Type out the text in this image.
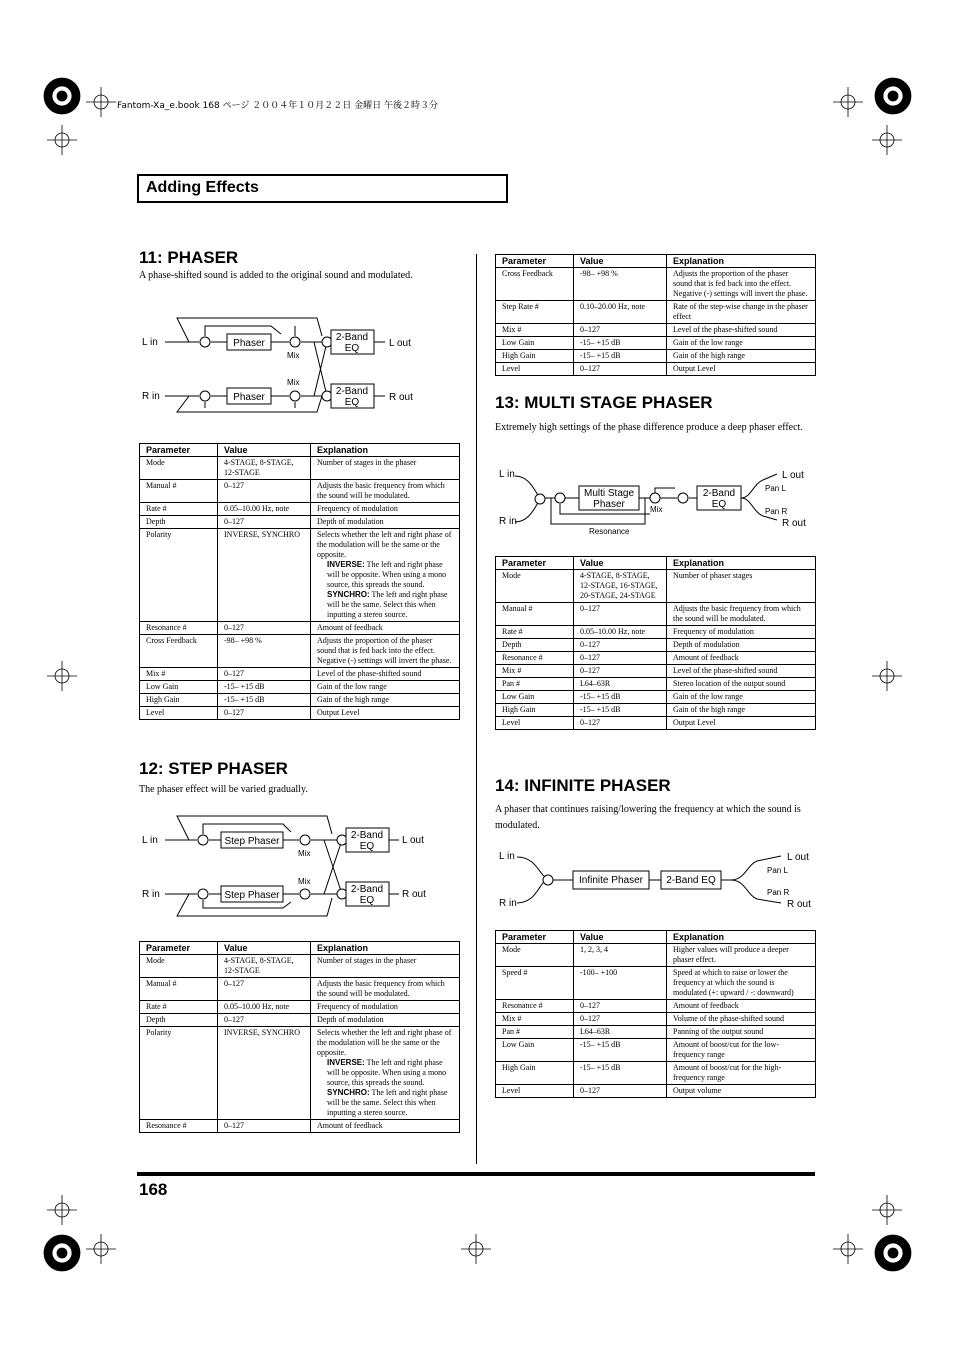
Fantom-Xa_e.book 168 ページ ２００４年１０月２２日 金曜日 午後２時３分
Adding Effects
11: PHASER
A phase-shifted sound is added to the original sound and modulated.
L in
R in
Phaser
Phaser
2-Band
EQ
2-Band
EQ
Mix
Mix
L out
R out
Parameter	Value	Explanation
Mode	4-STAGE, 8-STAGE, 12-STAGE	Number of stages in the phaser
Manual #	0–127	Adjusts the basic frequency from which the sound will be modulated.
Rate #	0.05–10.00 Hz, note	Frequency of modulation
Depth	0–127	Depth of modulation
Polarity	INVERSE, SYNCHRO	Selects whether the left and right phase of the modulation will be the same or the opposite.
INVERSE: The left and right phase will be opposite. When using a mono source, this spreads the sound.
SYNCHRO: The left and right phase will be the same. Select this when inputting a stereo source.

Resonance #	0–127	Amount of feedback
Cross Feedback	-98– +98 %	Adjusts the proportion of the phaser sound that is fed back into the effect. Negative (-) settings will invert the phase.
Mix #	0–127	Level of the phase-shifted sound
Low Gain	-15– +15 dB	Gain of the low range
High Gain	-15– +15 dB	Gain of the high range
Level	0–127	Output Level
12: STEP PHASER
The phaser effect will be varied gradually.
L in
R in
Step Phaser
Step Phaser
2-Band
EQ
2-Band
EQ
Mix
Mix
L out
R out
Parameter	Value	Explanation
Mode	4-STAGE, 8-STAGE, 12-STAGE	Number of stages in the phaser
Manual #	0–127	Adjusts the basic frequency from which the sound will be modulated.
Rate #	0.05–10.00 Hz, note	Frequency of modulation
Depth	0–127	Depth of modulation
Polarity	INVERSE, SYNCHRO	Selects whether the left and right phase of the modulation will be the same or the opposite.
INVERSE: The left and right phase will be opposite. When using a mono source, this spreads the sound.
SYNCHRO: The left and right phase will be the same. Select this when inputting a stereo source.

Resonance #	0–127	Amount of feedback
Parameter	Value	Explanation
Cross Feedback	-98– +98 %	Adjusts the proportion of the phaser sound that is fed back into the effect. Negative (-) settings will invert the phase.
Step Rate #	0.10–20.00 Hz, note	Rate of the step-wise change in the phaser effect
Mix #	0–127	Level of the phase-shifted sound
Low Gain	-15– +15 dB	Gain of the low range
High Gain	-15– +15 dB	Gain of the high range
Level	0–127	Output Level
13: MULTI STAGE PHASER
Extremely high settings of the phase difference produce a deep phaser effect.
L in
R in
Multi Stage
Phaser
2-Band
EQ
Mix
Resonance
Pan L
Pan R
L out
R out
Parameter	Value	Explanation
Mode	4-STAGE, 8-STAGE, 12-STAGE, 16-STAGE, 20-STAGE, 24-STAGE	Number of phaser stages
Manual #	0–127	Adjusts the basic frequency from which the sound will be modulated.
Rate #	0.05–10.00 Hz, note	Frequency of modulation
Depth	0–127	Depth of modulation
Resonance #	0–127	Amount of feedback
Mix #	0–127	Level of the phase-shifted sound
Pan #	L64–63R	Stereo location of the output sound
Low Gain	-15– +15 dB	Gain of the low range
High Gain	-15– +15 dB	Gain of the high range
Level	0–127	Output Level
14: INFINITE PHASER
A phaser that continues raising/lowering the frequency at which the sound is modulated.
L in
R in
Infinite Phaser 2-Band EQ
Pan L
Pan R
L out
R out
Parameter	Value	Explanation
Mode	1, 2, 3, 4	Higher values will produce a deeper phaser effect.
Speed #	-100– +100	Speed at which to raise or lower the frequency at which the sound is modulated (+: upward / -: downward)
Resonance #	0–127	Amount of feedback
Mix #	0–127	Volume of the phase-shifted sound
Pan #	L64–63R	Panning of the output sound
Low Gain	-15– +15 dB	Amount of boost/cut for the low-frequency range
High Gain	-15– +15 dB	Amount of boost/cut for the high-frequency range
Level	0–127	Output volume
168
